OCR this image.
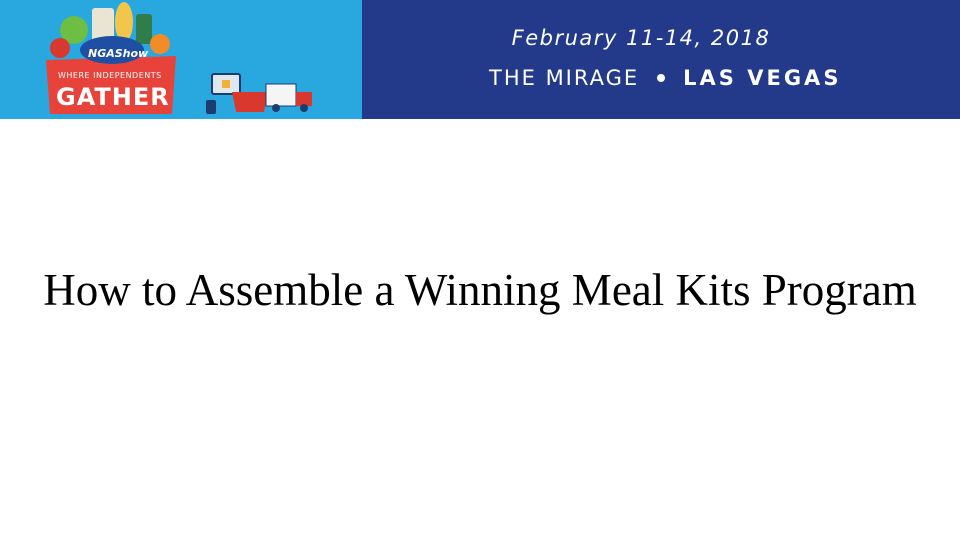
NGAShow
WHERE INDEPENDENTS
GATHER
February 11-14, 2018
THE MIRAGE LAS VEGAS
How to Assemble a Winning Meal Kits Program
